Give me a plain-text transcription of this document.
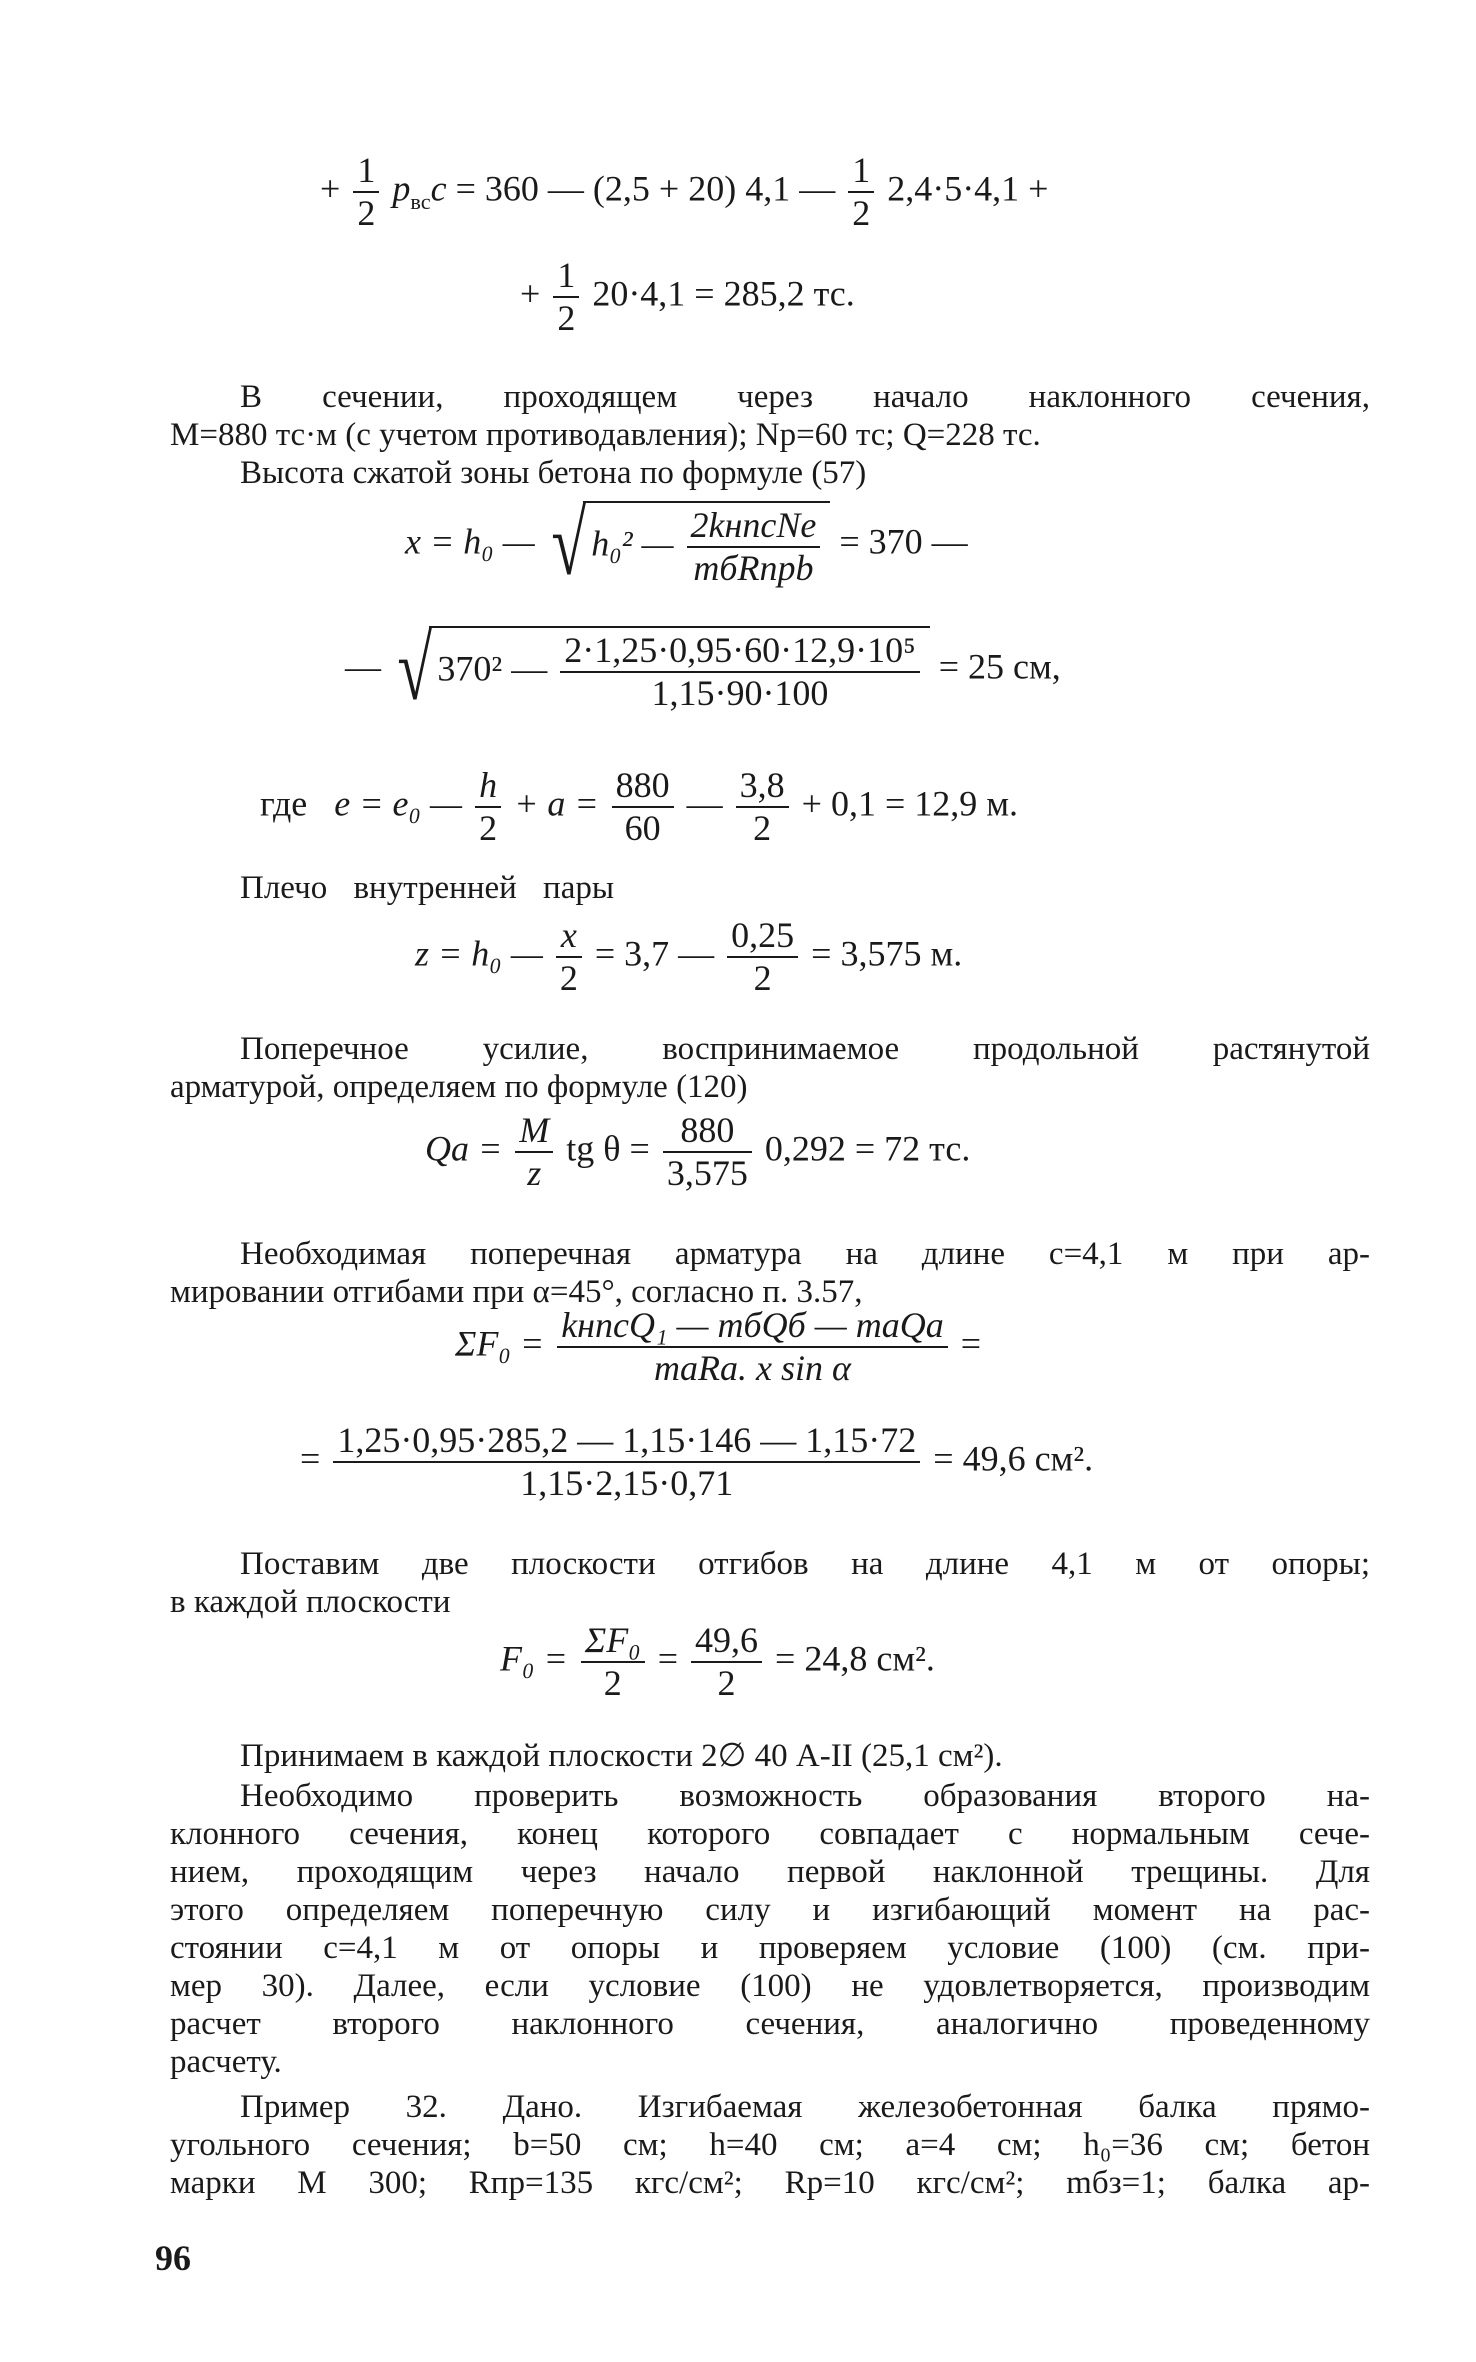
+ $\frac{1}{2} p_{вс}c = 360$ — (2,5 + 20) 4,1 — $\frac{1}{2} 2,4\cdot 5\cdot 4,1$ +
+ $\frac{1}{2} 20\cdot 4,1 = 285,2$ тс.
В сечении, проходящем через начало наклонного сечения,
M=880 тс·м (с учетом противодавления); Nр=60 тс; Q=228 тс.
Высота сжатой зоны бетона по формуле (57)
x = h₀ — √ h₀² — $\frac{\text{2kнncNe}}{\text{mбRпрb}} = 370$ —
— √ 370² — $\frac{\text{2·1,25·0,95·60·12,9·10⁵}}{1,15\cdot 90\cdot 100} = 25$ см,
где e = e₀ — $\frac{h}{2} + a = \frac{880}{60}$ — $\frac{3,8}{2} + 0,1 = 12,9$ м.
Плечо внутренней пары
z = h₀ — $\frac{x}{2} = 3,7$ — $\frac{0,25}{2} = 3,575$ м.
Поперечное усилие, воспринимаемое продольной растянутой
арматурой, определяем по формуле (120)
$Qa = \frac{M}{z}$ tg $\theta = \frac{880}{3,575} 0,292 = 72$ тс.
Необходимая поперечная арматура на длине c=4,1 м при ар-
мировании отгибами при α=45°, согласно п. 3.57,
$\Sigma F_0 = \frac{\text{kнncQ₁ — mбQб — maQa}}{\text{maRa. x sin α}}$ =
= $\frac{1,25\cdot 0,95\cdot 285,2 — 1,15\cdot 146 — 1,15\cdot 72}{1,15\cdot 2,15\cdot 0,71} = 49,6$ см².
Поставим две плоскости отгибов на длине 4,1 м от опоры;
в каждой плоскости
$F_0 = \frac{\text{ΣF₀}}{2} = \frac{49,6}{2} = 24,8$ см².
Принимаем в каждой плоскости 2∅ 40 А-II (25,1 см²).
Необходимо проверить возможность образования второго на-
клонного сечения, конец которого совпадает с нормальным сече-
нием, проходящим через начало первой наклонной трещины. Для
этого определяем поперечную силу и изгибающий момент на рас-
стоянии c=4,1 м от опоры и проверяем условие (100) (см. при-
мер 30). Далее, если условие (100) не удовлетворяется, производим
расчет второго наклонного сечения, аналогично проведенному
расчету.
Пример 32. Дано. Изгибаемая железобетонная балка прямо-
угольного сечения; b=50 см; h=40 см; a=4 см; h₀=36 см; бетон
марки М 300; Rпр=135 кгс/см²; Rр=10 кгс/см²; mбз=1; балка ар-
96
